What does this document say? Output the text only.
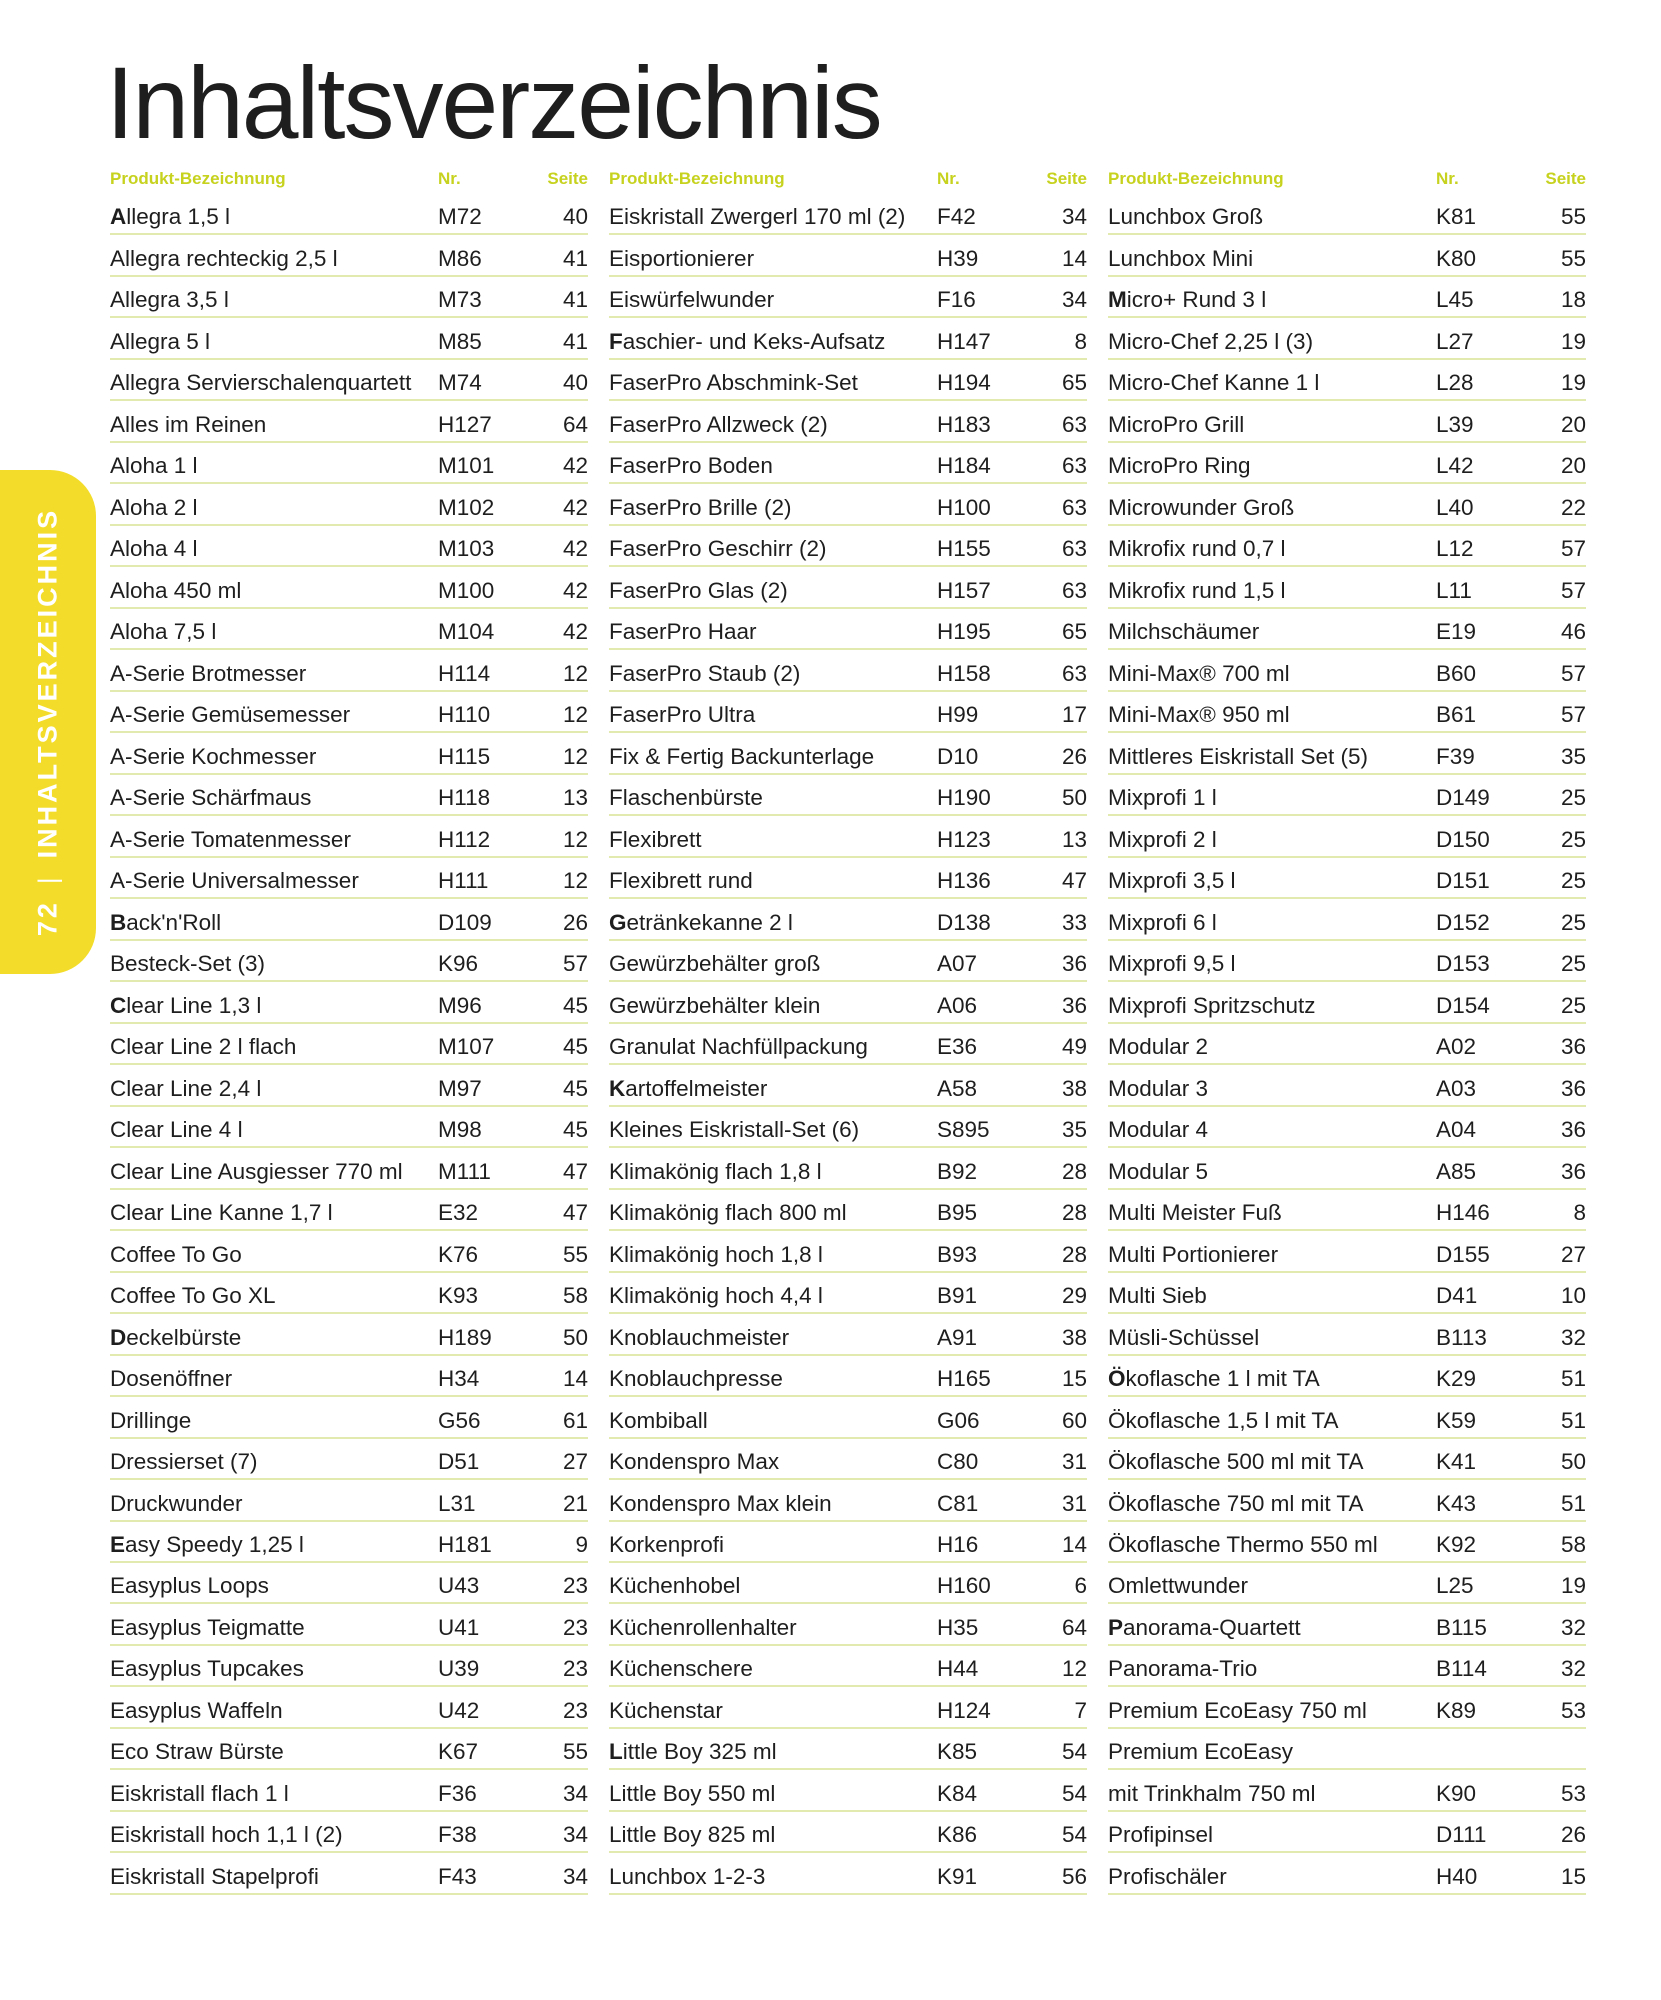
Inhaltsverzeichnis
72
|
INHALTSVERZEICHNIS
Produkt-Bezeichnung	Nr.	Seite
Allegra 1,5 l	M72	40
Allegra rechteckig 2,5 l	M86	41
Allegra 3,5 l	M73	41
Allegra 5 l	M85	41
Allegra Servierschalenquartett	M74	40
Alles im Reinen	H127	64
Aloha 1 l	M101	42
Aloha 2 l	M102	42
Aloha 4 l	M103	42
Aloha 450 ml	M100	42
Aloha 7,5 l	M104	42
A-Serie Brotmesser	H114	12
A-Serie Gemüsemesser	H110	12
A-Serie Kochmesser	H115	12
A-Serie Schärfmaus	H118	13
A-Serie Tomatenmesser	H112	12
A-Serie Universalmesser	H111	12
Back'n'Roll	D109	26
Besteck-Set (3)	K96	57
Clear Line 1,3 l	M96	45
Clear Line 2 l flach	M107	45
Clear Line 2,4 l	M97	45
Clear Line 4 l	M98	45
Clear Line Ausgiesser 770 ml	M111	47
Clear Line Kanne 1,7 l	E32	47
Coffee To Go	K76	55
Coffee To Go XL	K93	58
Deckelbürste	H189	50
Dosenöffner	H34	14
Drillinge	G56	61
Dressierset (7)	D51	27
Druckwunder	L31	21
Easy Speedy 1,25 l	H181	9
Easyplus Loops	U43	23
Easyplus Teigmatte	U41	23
Easyplus Tupcakes	U39	23
Easyplus Waffeln	U42	23
Eco Straw Bürste	K67	55
Eiskristall flach 1 l	F36	34
Eiskristall hoch 1,1 l (2)	F38	34
Eiskristall Stapelprofi	F43	34
Produkt-Bezeichnung	Nr.	Seite
Eiskristall Zwergerl 170 ml (2)	F42	34
Eisportionierer	H39	14
Eiswürfelwunder	F16	34
Faschier- und Keks-Aufsatz	H147	8
FaserPro Abschmink-Set	H194	65
FaserPro Allzweck (2)	H183	63
FaserPro Boden	H184	63
FaserPro Brille (2)	H100	63
FaserPro Geschirr (2)	H155	63
FaserPro Glas (2)	H157	63
FaserPro Haar	H195	65
FaserPro Staub (2)	H158	63
FaserPro Ultra	H99	17
Fix & Fertig Backunterlage	D10	26
Flaschenbürste	H190	50
Flexibrett	H123	13
Flexibrett rund	H136	47
Getränkekanne 2 l	D138	33
Gewürzbehälter groß	A07	36
Gewürzbehälter klein	A06	36
Granulat Nachfüllpackung	E36	49
Kartoffelmeister	A58	38
Kleines Eiskristall-Set (6)	S895	35
Klimakönig flach 1,8 l	B92	28
Klimakönig flach 800 ml	B95	28
Klimakönig hoch 1,8 l	B93	28
Klimakönig hoch 4,4 l	B91	29
Knoblauchmeister	A91	38
Knoblauchpresse	H165	15
Kombiball	G06	60
Kondenspro Max	C80	31
Kondenspro Max klein	C81	31
Korkenprofi	H16	14
Küchenhobel	H160	6
Küchenrollenhalter	H35	64
Küchenschere	H44	12
Küchenstar	H124	7
Little Boy 325 ml	K85	54
Little Boy 550 ml	K84	54
Little Boy 825 ml	K86	54
Lunchbox 1-2-3	K91	56
Produkt-Bezeichnung	Nr.	Seite
Lunchbox Groß	K81	55
Lunchbox Mini	K80	55
Micro+ Rund 3 l	L45	18
Micro-Chef 2,25 l (3)	L27	19
Micro-Chef Kanne 1 l	L28	19
MicroPro Grill	L39	20
MicroPro Ring	L42	20
Microwunder Groß	L40	22
Mikrofix rund 0,7 l	L12	57
Mikrofix rund 1,5 l	L11	57
Milchschäumer	E19	46
Mini-Max® 700 ml	B60	57
Mini-Max® 950 ml	B61	57
Mittleres Eiskristall Set (5)	F39	35
Mixprofi 1 l	D149	25
Mixprofi 2 l	D150	25
Mixprofi 3,5 l	D151	25
Mixprofi 6 l	D152	25
Mixprofi 9,5 l	D153	25
Mixprofi Spritzschutz	D154	25
Modular 2	A02	36
Modular 3	A03	36
Modular 4	A04	36
Modular 5	A85	36
Multi Meister Fuß	H146	8
Multi Portionierer	D155	27
Multi Sieb	D41	10
Müsli-Schüssel	B113	32
Ökoflasche 1 l mit TA	K29	51
Ökoflasche 1,5 l mit TA	K59	51
Ökoflasche 500 ml mit TA	K41	50
Ökoflasche 750 ml mit TA	K43	51
Ökoflasche Thermo 550 ml	K92	58
Omlettwunder	L25	19
Panorama-Quartett	B115	32
Panorama-Trio	B114	32
Premium EcoEasy 750 ml	K89	53
Premium EcoEasy
mit Trinkhalm 750 ml	K90	53
Profipinsel	D111	26
Profischäler	H40	15
